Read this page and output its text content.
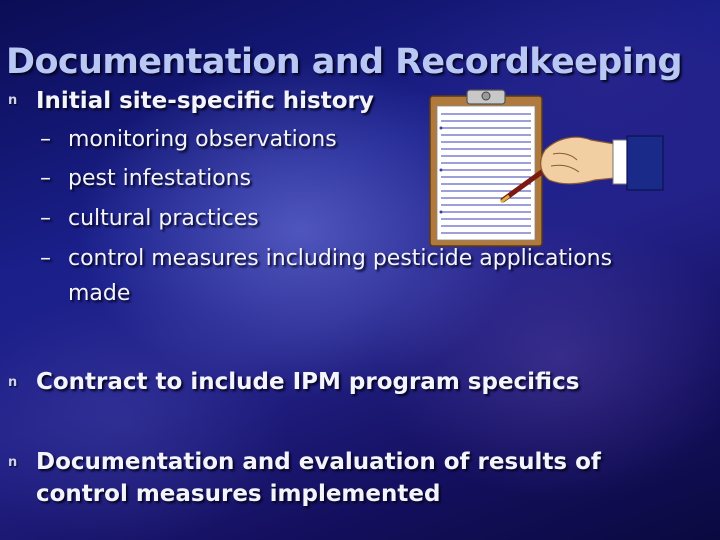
Documentation and Recordkeeping
n Initial site-specific history
– monitoring observations
– pest infestations
– cultural practices
– control measures including pesticide applications
made
n Contract to include IPM program specifics
n Documentation and evaluation of results of
control measures implemented
